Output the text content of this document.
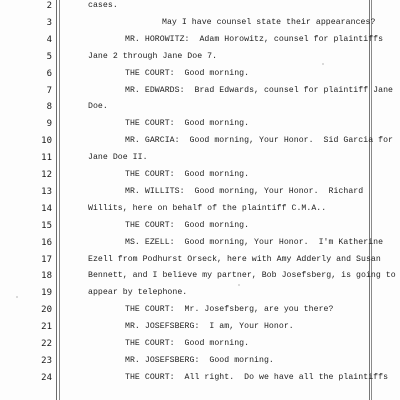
2	cases.
3	May I have counsel state their appearances?
4	MR. HOROWITZ:  Adam Horowitz, counsel for plaintiffs
5	Jane 2 through Jane Doe 7.
6	THE COURT:  Good morning.
7	MR. EDWARDS:  Brad Edwards, counsel for plaintiff Jane
8	Doe.
9	THE COURT:  Good morning.
10	MR. GARCIA:  Good morning, Your Honor.  Sid Garcia for
11	Jane Doe II.
12	THE COURT:  Good morning.
13	MR. WILLITS:  Good morning, Your Honor.  Richard
14	Willits, here on behalf of the plaintiff C.M.A..
15	THE COURT:  Good morning.
16	MS. EZELL:  Good morning, Your Honor.  I'm Katherine
17	Ezell from Podhurst Orseck, here with Amy Adderly and Susan
18	Bennett, and I believe my partner, Bob Josefsberg, is going to
19	appear by telephone.
20	THE COURT:  Mr. Josefsberg, are you there?
21	MR. JOSEFSBERG:  I am, Your Honor.
22	THE COURT:  Good morning.
23	MR. JOSEFSBERG:  Good morning.
24	THE COURT:  All right.  Do we have all the plaintiffs
